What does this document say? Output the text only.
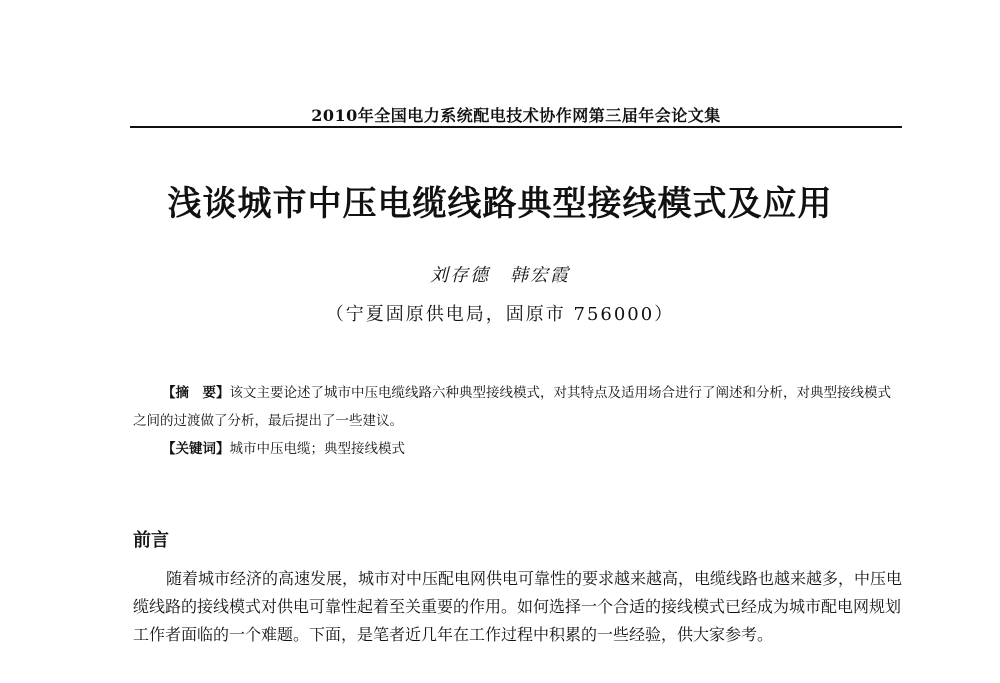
2010年全国电力系统配电技术协作网第三届年会论文集
浅谈城市中压电缆线路典型接线模式及应用
刘存德 韩宏霞
（宁夏固原供电局，固原市 756000）

【摘　要】该文主要论述了城市中压电缆线路六种典型接线模式，对其特点及适用场合进行了阐述和分析，对典型接线模式之间的过渡做了分析，最后提出了一些建议。

【关键词】城市中压电缆；典型接线模式
前言

随着城市经济的高速发展，城市对中压配电网供电可靠性的要求越来越高，电缆线路也越来越多，中压电缆线路的接线模式对供电可靠性起着至关重要的作用。如何选择一个合适的接线模式已经成为城市配电网规划工作者面临的一个难题。下面，是笔者近几年在工作过程中积累的一些经验，供大家参考。
